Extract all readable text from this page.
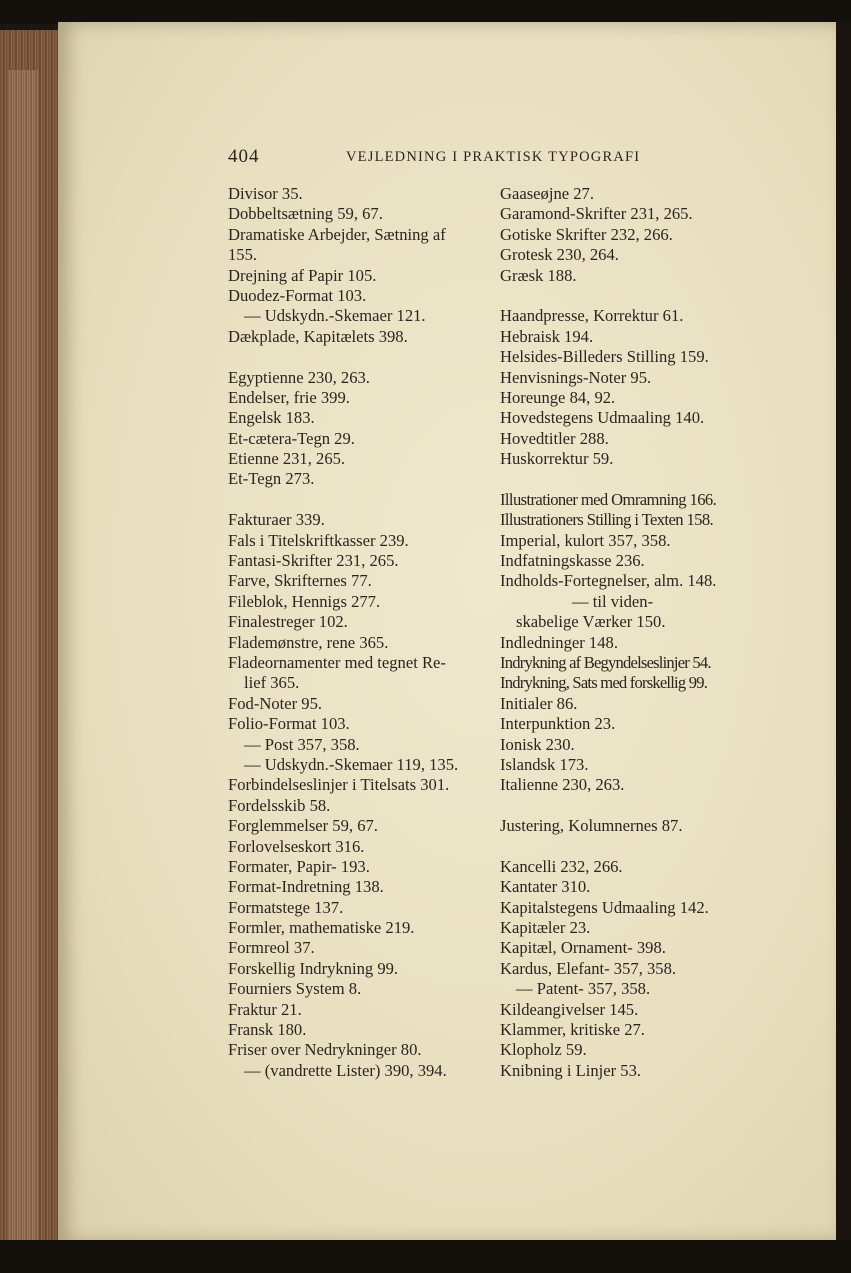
404	VEJLEDNING I PRAKTISK TYPOGRAFI
Divisor 35.
Dobbeltsætning 59, 67.
Dramatiske Arbejder, Sætning af
155.
Drejning af Papir 105.
Duodez-Format 103.
— Udskydn.-Skemaer 121.
Dækplade, Kapitælets 398.
Egyptienne 230, 263.
Endelser, frie 399.
Engelsk 183.
Et-cætera-Tegn 29.
Etienne 231, 265.
Et-Tegn 273.
Fakturaer 339.
Fals i Titelskriftkasser 239.
Fantasi-Skrifter 231, 265.
Farve, Skrifternes 77.
Fileblok, Hennigs 277.
Finalestreger 102.
Flademønstre, rene 365.
Fladeornamenter med tegnet Re-
lief 365.
Fod-Noter 95.
Folio-Format 103.
— Post 357, 358.
— Udskydn.-Skemaer 119, 135.
Forbindelseslinjer i Titelsats 301.
Fordelsskib 58.
Forglemmelser 59, 67.
Forlovelseskort 316.
Formater, Papir- 193.
Format-Indretning 138.
Formatstege 137.
Formler, mathematiske 219.
Formreol 37.
Forskellig Indrykning 99.
Fourniers System 8.
Fraktur 21.
Fransk 180.
Friser over Nedrykninger 80.
— (vandrette Lister) 390, 394.
Gaaseøjne 27.
Garamond-Skrifter 231, 265.
Gotiske Skrifter 232, 266.
Grotesk 230, 264.
Græsk 188.
Haandpresse, Korrektur 61.
Hebraisk 194.
Helsides-Billeders Stilling 159.
Henvisnings-Noter 95.
Horeunge 84, 92.
Hovedstegens Udmaaling 140.
Hovedtitler 288.
Huskorrektur 59.
Illustrationer med Omramning 166.
Illustrationers Stilling i Texten 158.
Imperial, kulort 357, 358.
Indfatningskasse 236.
Indholds-Fortegnelser, alm. 148.
— til viden-
skabelige Værker 150.
Indledninger 148.
Indrykning af Begyndelseslinjer 54.
Indrykning, Sats med forskellig 99.
Initialer 86.
Interpunktion 23.
Ionisk 230.
Islandsk 173.
Italienne 230, 263.
Justering, Kolumnernes 87.
Kancelli 232, 266.
Kantater 310.
Kapitalstegens Udmaaling 142.
Kapitæler 23.
Kapitæl, Ornament- 398.
Kardus, Elefant- 357, 358.
— Patent- 357, 358.
Kildeangivelser 145.
Klammer, kritiske 27.
Klopholz 59.
Knibning i Linjer 53.
